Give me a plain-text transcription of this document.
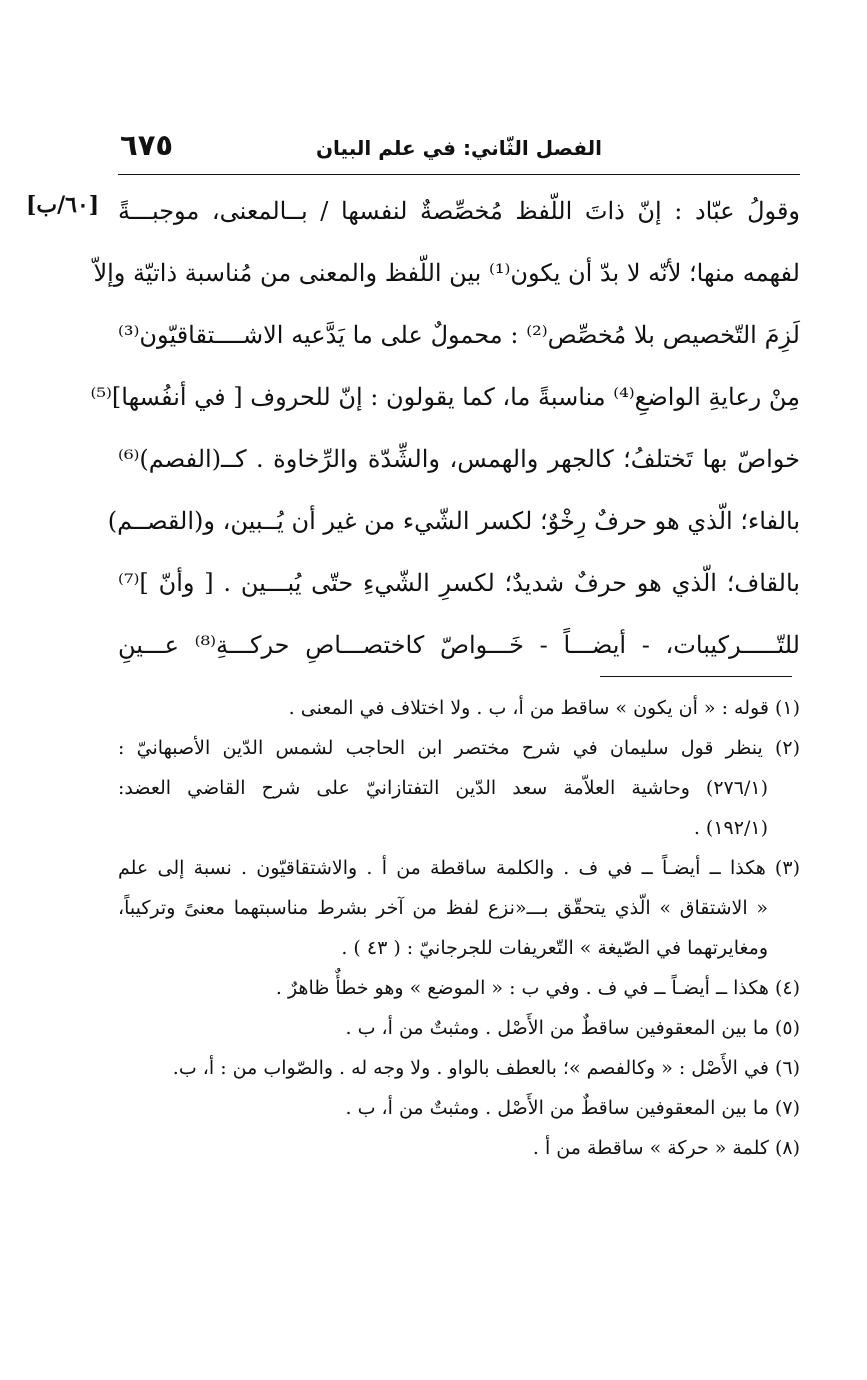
٦٧٥	الفصل الثّاني: في علم البيان
[٦٠/ب] وقولُ عبّاد : إنّ ذاتَ اللّفظ مُخصِّصةٌ لنفسها / بــالمعنى، موجبـــةً
لفهمه منها؛ لأنّه لا بدّ أن يكون⁽¹⁾ بين اللّفظ والمعنى من مُناسبة ذاتيّة وإلاّ
لَزِمَ التّخصيص بلا مُخصِّص⁽²⁾ : محمولٌ على ما يَدَّعيه الاشــــتقاقيّون⁽³⁾
مِنْ رعايةِ الواضعِ⁽⁴⁾ مناسبةً ما، كما يقولون : إنّ للحروف [ في أنفُسها]⁽⁵⁾
خواصّ بها تَختلفُ؛ كالجهر والهمس، والشِّدّة والرِّخاوة . كــ(الفصم)⁽⁶⁾
بالفاء؛ الّذي هو حرفٌ رِخْوٌ؛ لكسر الشّيء من غير أن يُــبين، و(القصــم)
بالقاف؛ الّذي هو حرفٌ شديدٌ؛ لكسرِ الشّيءِ حتّى يُبـــين . [ وأنّ ]⁽⁷⁾
للتّـــــركيبات، - أيضـــاً - خَـــواصّ كاختصـــاصِ حركـــةِ⁽⁸⁾ عـــينِ
(١) قوله : « أن يكون » ساقط من أ، ب . ولا اختلاف في المعنى .
(٢) ينظر قول سليمان في شرح مختصر ابن الحاجب لشمس الدّين الأصبهانيّ :
(٢٧٦/١) وحاشية العلاّمة سعد الدّين التفتازانيّ على شرح القاضي العضد:
(١٩٢/١) .
(٣) هكذا ــ أيضـاً ــ في ف . والكلمة ساقطة من أ . والاشتقاقيّون . نسبة إلى علم
« الاشتقاق » الّذي يتحقّق بـــ«نزع لفظ من آخر بشرط مناسبتهما معنىً وتركيباً،
ومغايرتهما في الصّيغة » التّعريفات للجرجانيّ : ( ٤٣ ) .
(٤) هكذا ــ أيضـاً ــ في ف . وفي ب : « الموضع » وهو خطأٌ ظاهرٌ .
(٥) ما بين المعقوفين ساقطٌ من الأَصْل . ومثبتٌ من أ، ب .
(٦) في الأَصْل : « وكالفصم »؛ بالعطف بالواو . ولا وجه له . والصّواب من : أ، ب.
(٧) ما بين المعقوفين ساقطٌ من الأَصْل . ومثبتٌ من أ، ب .
(٨) كلمة « حركة » ساقطة من أ .
